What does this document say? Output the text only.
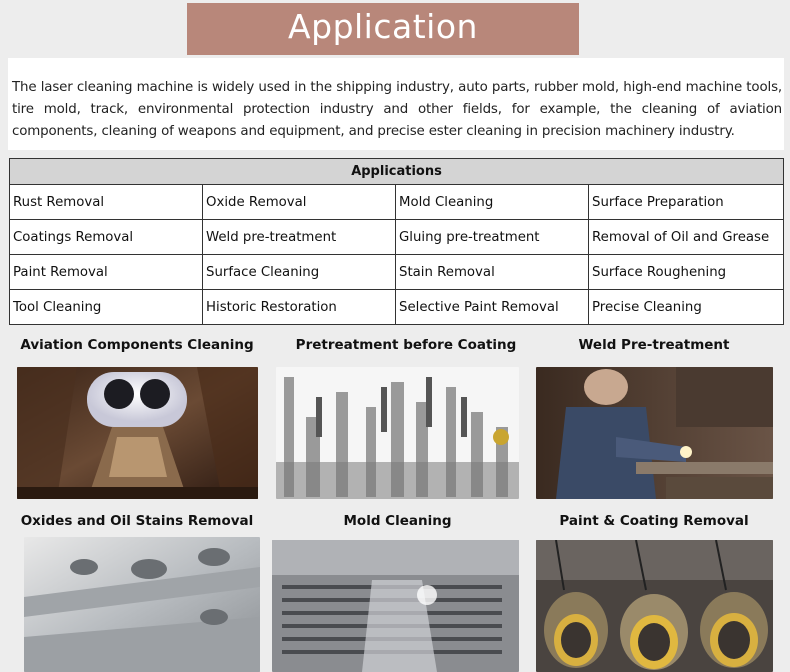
Application
The laser cleaning machine is widely used in the shipping industry, auto parts, rubber mold, high-end machine tools, tire mold, track, environmental protection industry and other fields, for example, the cleaning of aviation components, cleaning of weapons and equipment, and precise ester cleaning in precision machinery industry.
Applications			
Rust Removal	Oxide Removal	Mold Cleaning	Surface Preparation
Coatings Removal	Weld pre-treatment	Gluing pre-treatment	Removal of Oil and Grease
Paint Removal	Surface Cleaning	Stain Removal	Surface Roughening
Tool Cleaning	Historic Restoration	Selective Paint Removal	Precise Cleaning
Aviation Components Cleaning	Pretreatment before Coating	Weld Pre-treatment
Oxides and Oil Stains Removal	Mold Cleaning	Paint & Coating Removal
